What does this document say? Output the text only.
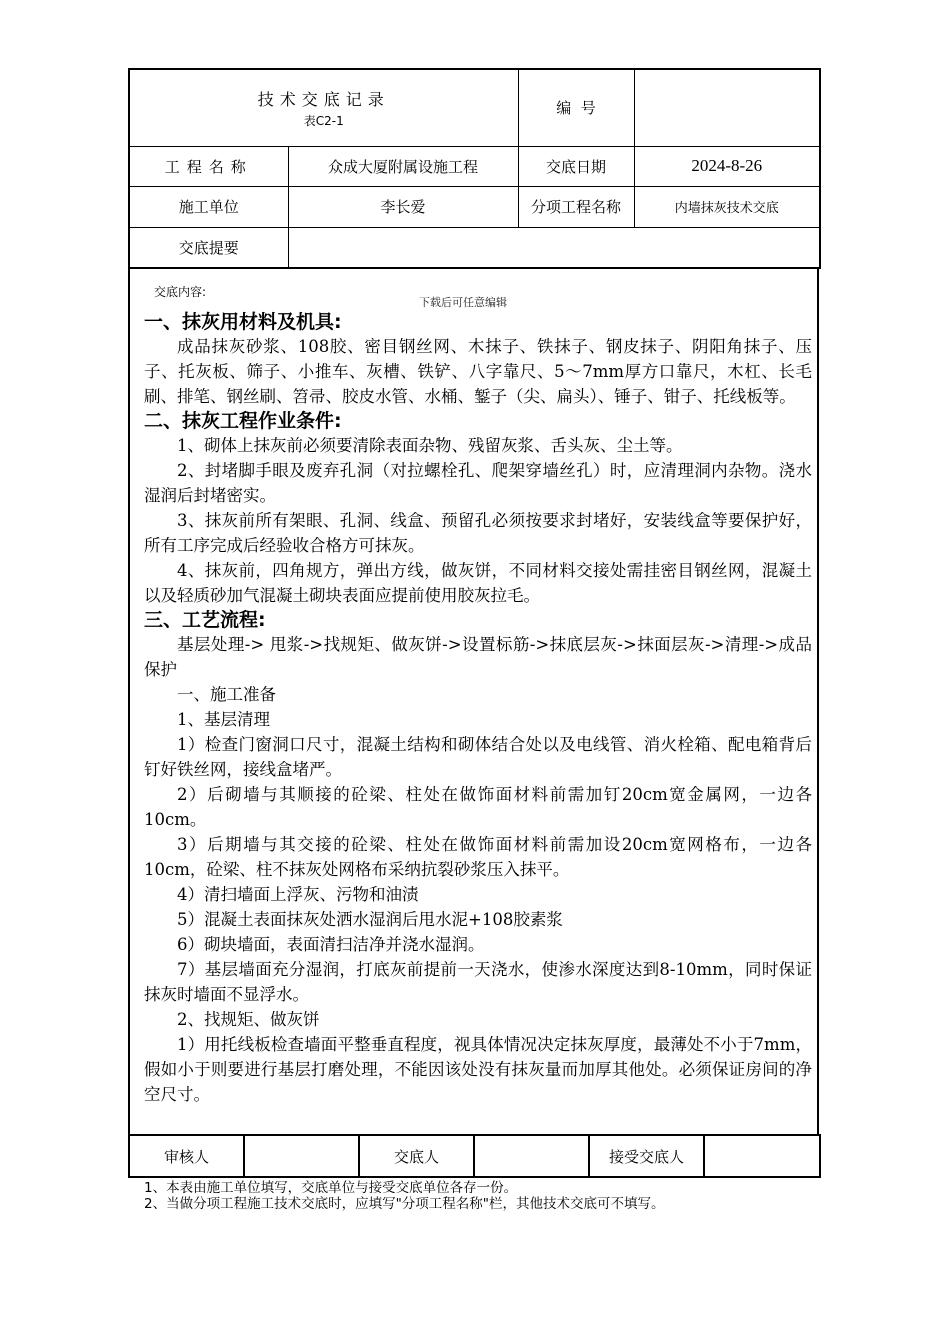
技术交底记录
表C2-1		编  号	
工程名称	众成大厦附属设施工程	交底日期	2024-8-26
施工单位	李长爱	分项工程名称	内墙抹灰技术交底
交底提要			
交底内容:
下载后可任意编辑
一、抹灰用材料及机具:

成品抹灰砂浆、108胶、密目钢丝网、木抹子、铁抹子、钢皮抹子、阴阳角抹子、压子、托灰板、筛子、小推车、灰槽、铁铲、八字靠尺、5～7mm厚方口靠尺，木杠、长毛刷、排笔、钢丝刷、笤帚、胶皮水管、水桶、錾子（尖、扁头）、锤子、钳子、托线板等。

二、抹灰工程作业条件:

1、砌体上抹灰前必须要清除表面杂物、残留灰浆、舌头灰、尘土等。

2、封堵脚手眼及废弃孔洞（对拉螺栓孔、爬架穿墙丝孔）时，应清理洞内杂物。浇水湿润后封堵密实。

3、抹灰前所有架眼、孔洞、线盒、预留孔必须按要求封堵好，安装线盒等要保护好，所有工序完成后经验收合格方可抹灰。

4、抹灰前，四角规方，弹出方线，做灰饼，不同材料交接处需挂密目钢丝网，混凝土以及轻质砂加气混凝土砌块表面应提前使用胶灰拉毛。

三、工艺流程:

基层处理-> 甩浆->找规矩、做灰饼->设置标筋->抹底层灰->抹面层灰->清理->成品保护

一、施工准备

1、基层清理

1）检查门窗洞口尺寸，混凝土结构和砌体结合处以及电线管、消火栓箱、配电箱背后钉好铁丝网，接线盒堵严。

2）后砌墙与其顺接的砼梁、柱处在做饰面材料前需加钉20cm宽金属网，一边各10cm。

3）后期墙与其交接的砼梁、柱处在做饰面材料前需加设20cm宽网格布，一边各10cm，砼梁、柱不抹灰处网格布采纳抗裂砂浆压入抹平。

4）清扫墙面上浮灰、污物和油渍

5）混凝土表面抹灰处洒水湿润后甩水泥+108胶素浆

6）砌块墙面，表面清扫洁净并浇水湿润。

7）基层墙面充分湿润，打底灰前提前一天浇水，使渗水深度达到8-10mm，同时保证抹灰时墙面不显浮水。

2、找规矩、做灰饼

1）用托线板检查墙面平整垂直程度，视具体情况决定抹灰厚度，最薄处不小于7mm，假如小于则要进行基层打磨处理，不能因该处没有抹灰量而加厚其他处。必须保证房间的净空尺寸。

审核人		交底人		接受交底人	
1、本表由施工单位填写，交底单位与接受交底单位各存一份。
2、当做分项工程施工技术交底时，应填写"分项工程名称"栏，其他技术交底可不填写。
